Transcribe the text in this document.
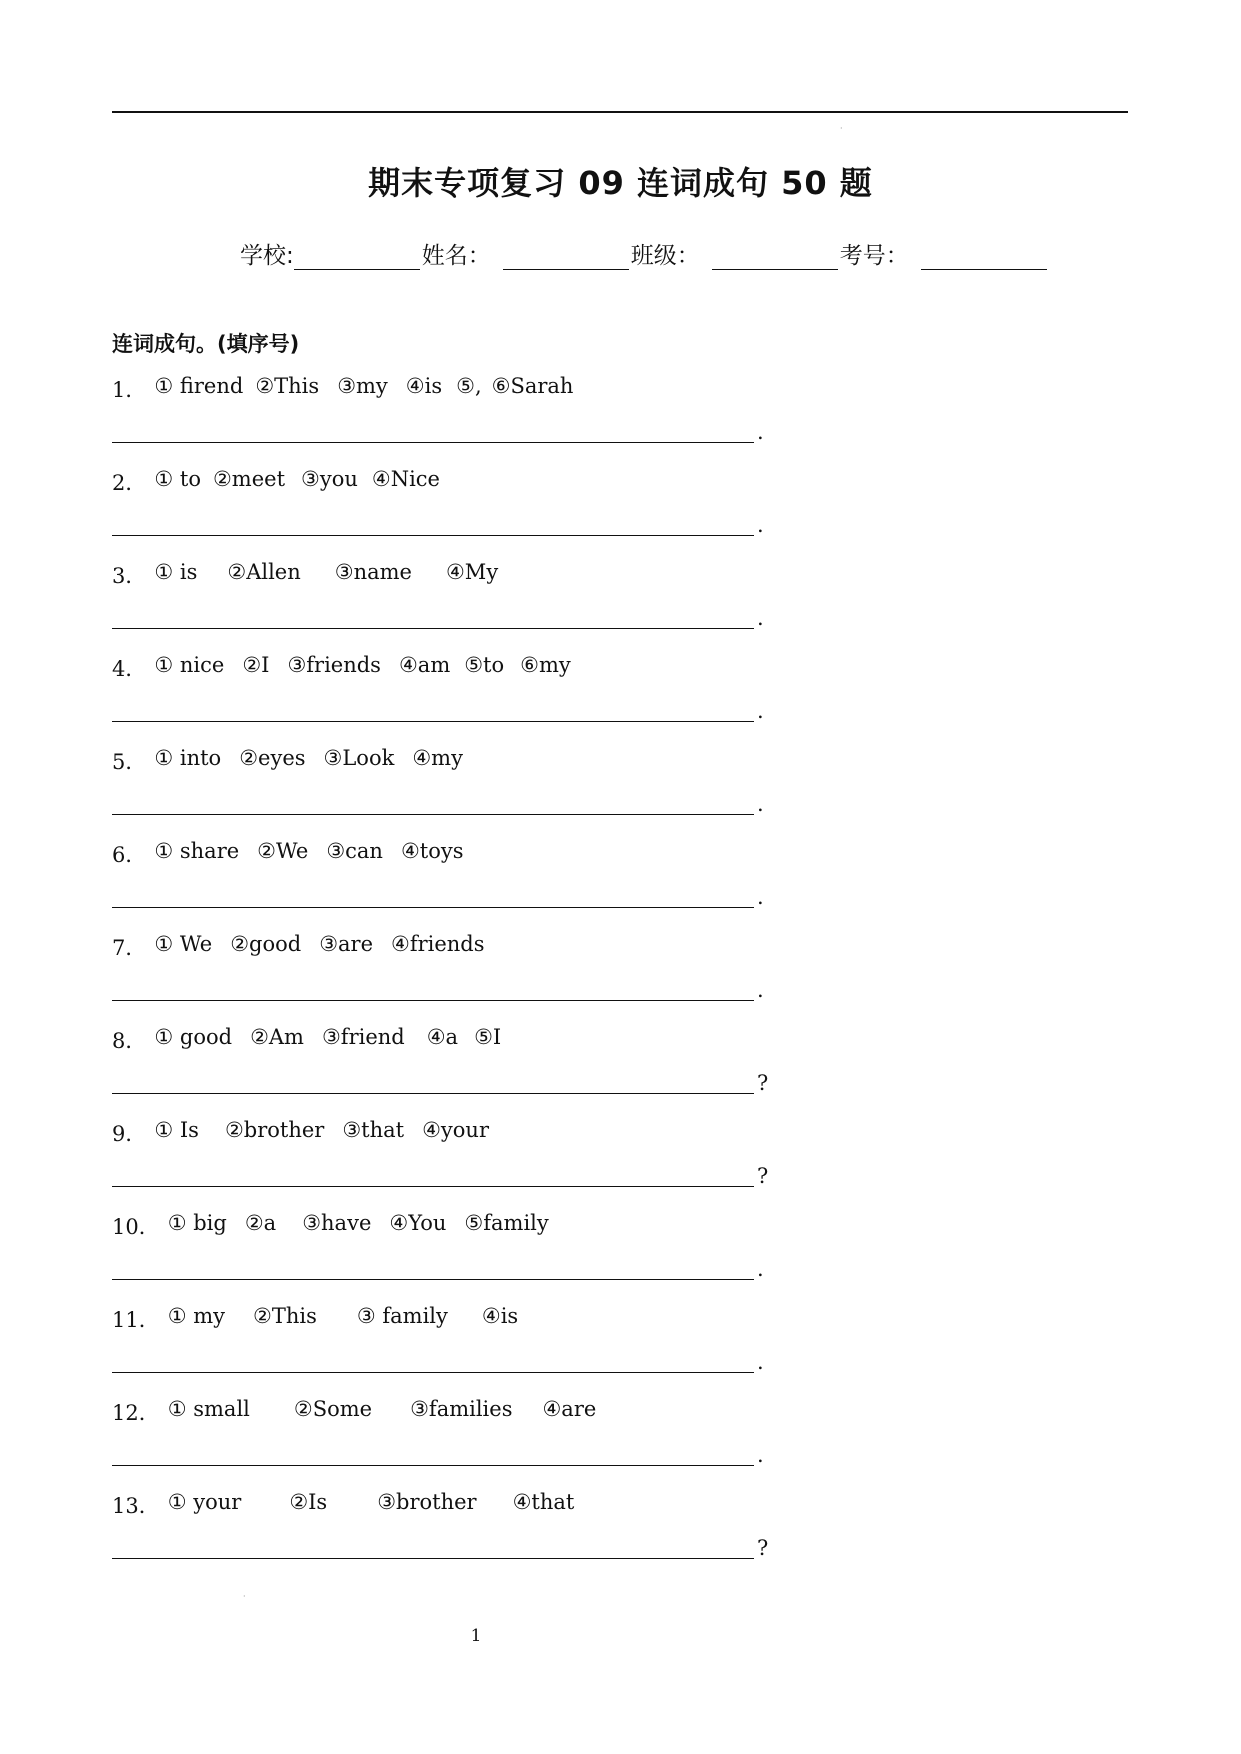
·
·
期末专项复习 09 连词成句 50 题
学校:	姓名：	班级：	考号：
连词成句。(填序号)
1． ① firend ②This ③my ④is ⑤, ⑥Sarah
.
2． ① to ②meet ③you ④Nice
.
3． ① is ②Allen ③name ④My
.
4． ① nice ②I ③friends ④am ⑤to ⑥my
.
5． ① into ②eyes ③Look ④my
.
6． ① share ②We ③can ④toys
.
7． ① We ②good ③are ④friends
.
8． ① good ②Am ③friend ④a ⑤I
?
9． ① Is ②brother ③that ④your
?
10． ① big ②a ③have ④You ⑤family
.
11． ① my ②This ③ family ④is
.
12． ① small ②Some ③families ④are
.
13． ① your ②Is ③brother ④that
?
1
